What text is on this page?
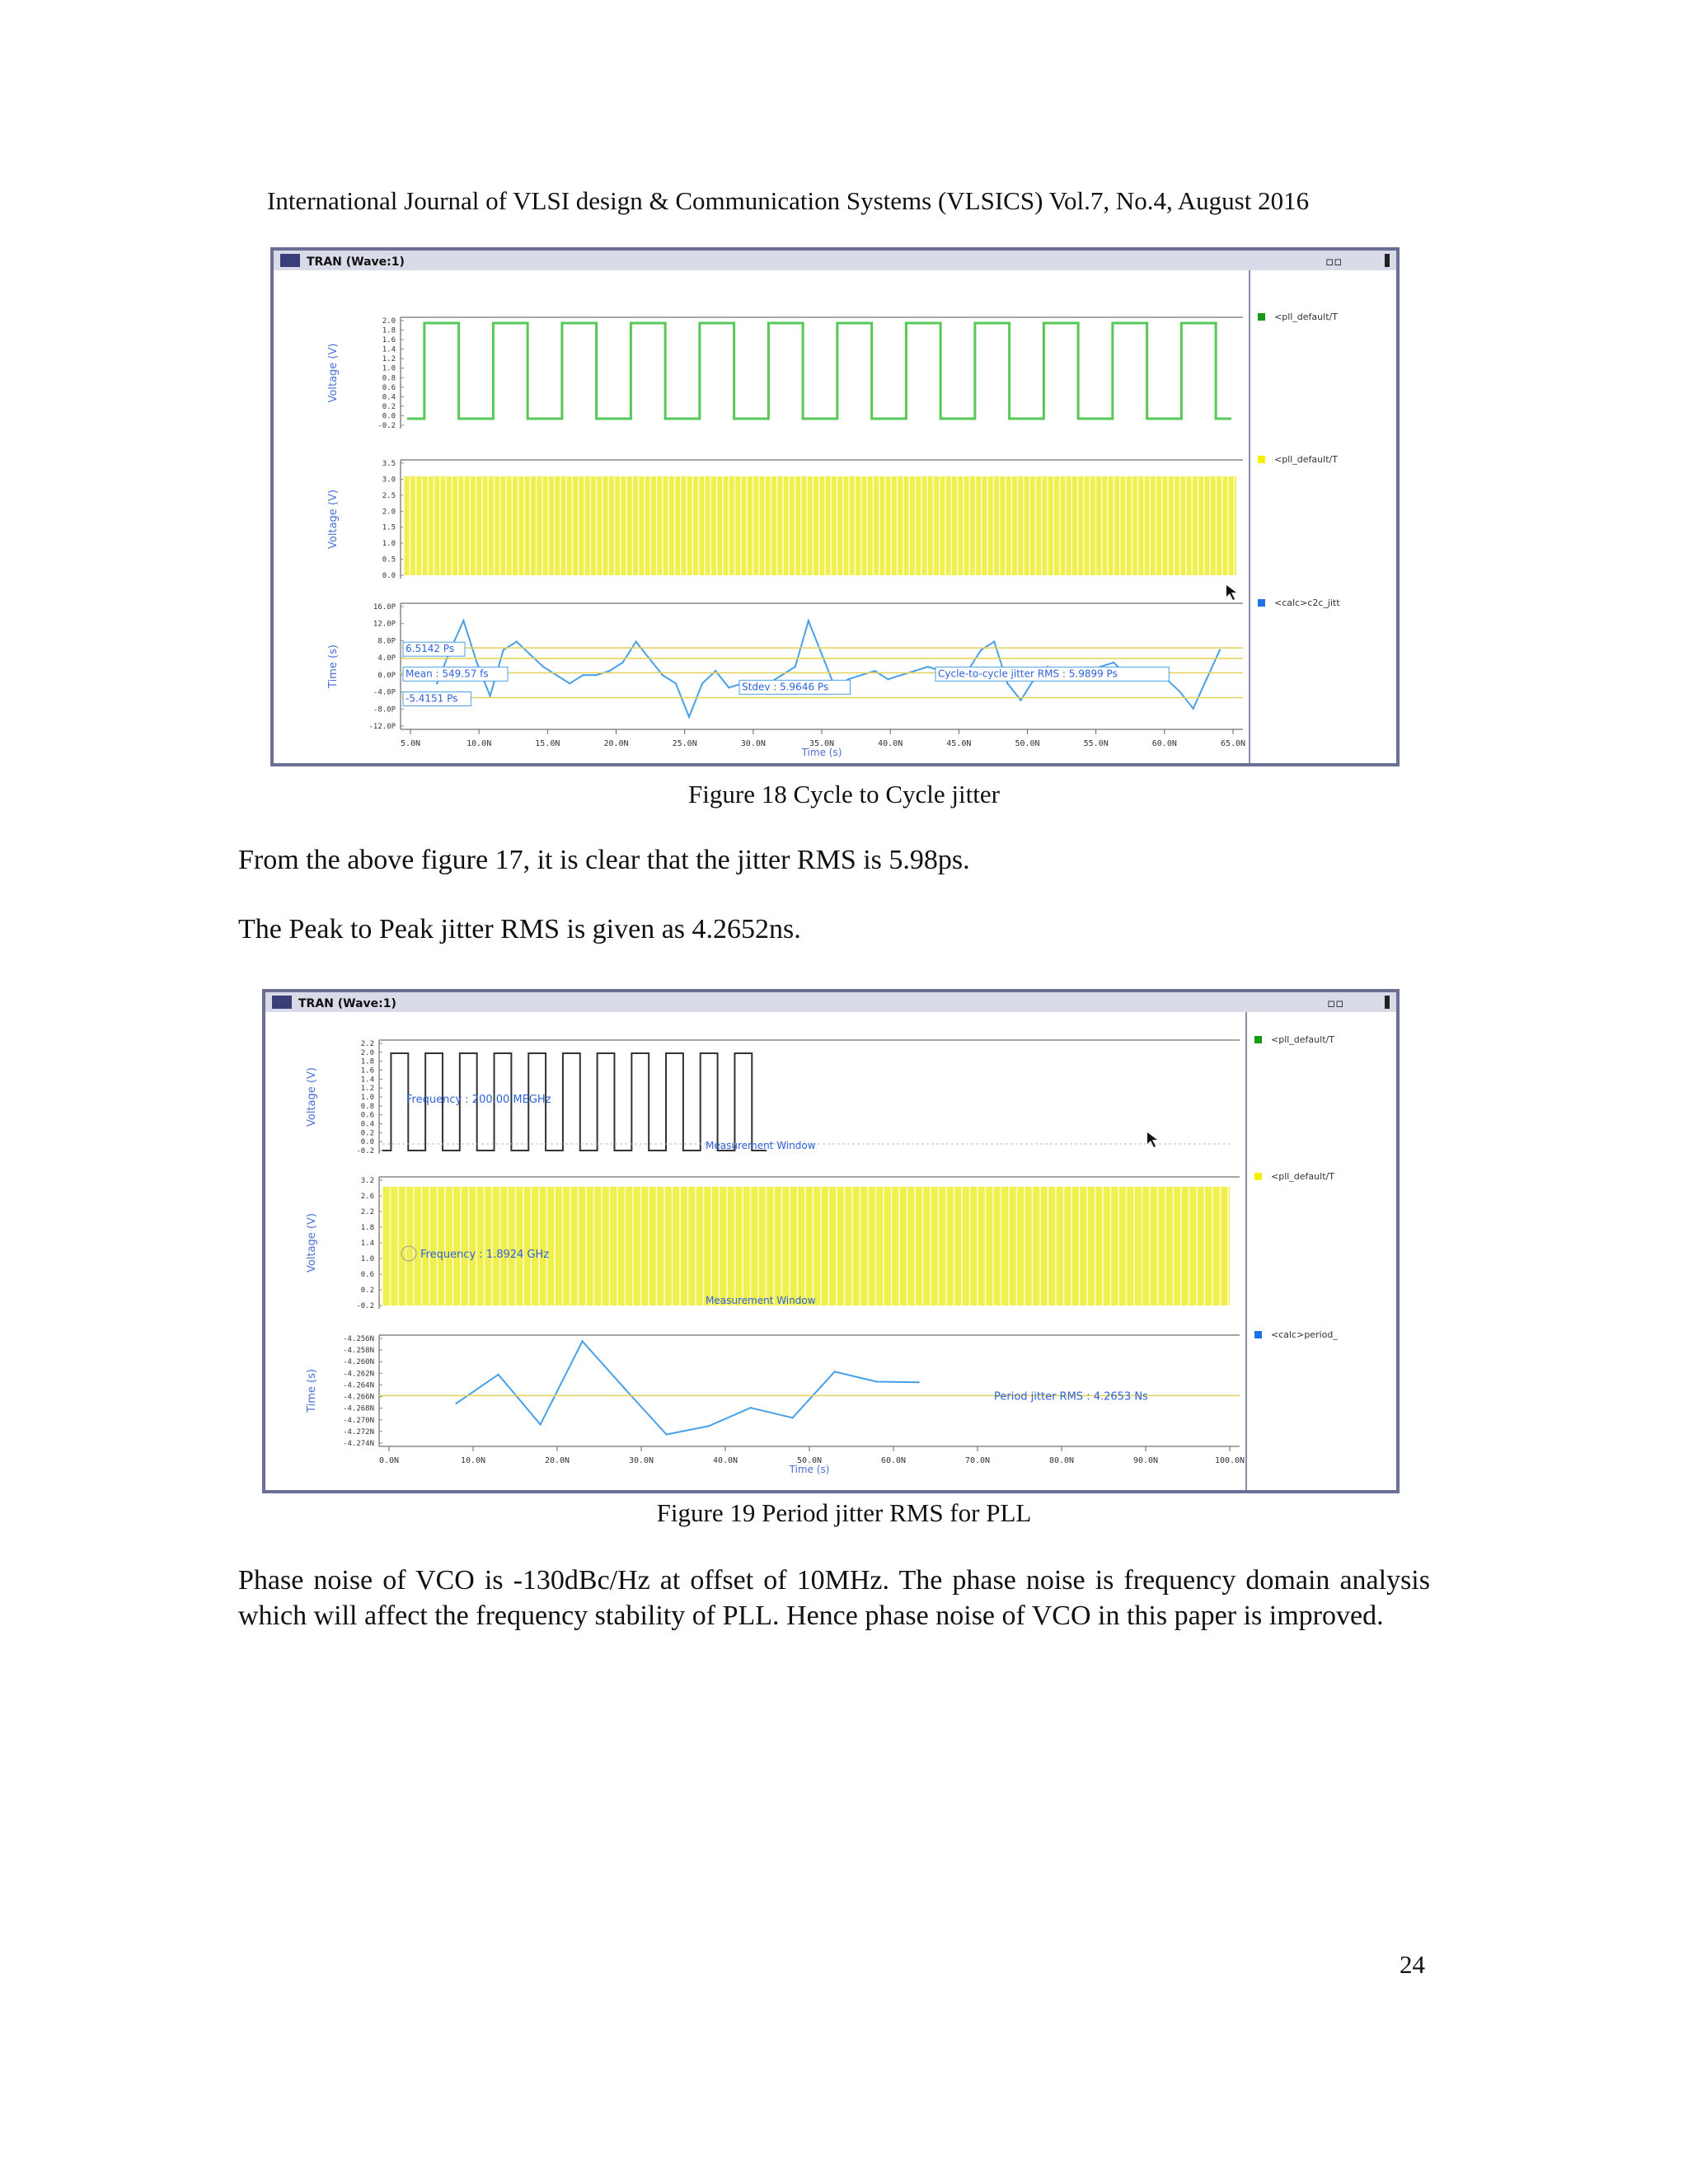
International Journal of VLSI design & Communication Systems (VLSICS) Vol.7, No.4, August 2016
TRAN (Wave:1)	▫▫
Voltage (V)
2.0
1.8
1.6
1.4
1.2
1.0
0.8
0.6
0.4
0.2
0.0
-0.2
<pll_default/T
Voltage (V)
3.5
3.0
2.5
2.0
1.5
1.0
0.5
0.0
<pll_default/T
Time (s)
16.0P
12.0P
8.0P
4.0P
0.0P
-4.0P
-8.0P
-12.0P
<calc>c2c_jitt
6.5142 Ps
Mean : 549.57 fs
-5.4151 Ps
Stdev : 5.9646 Ps
Cycle-to-cycle jitter RMS : 5.9899 Ps
5.0N	10.0N	15.0N	20.0N	25.0N	30.0N	35.0N	40.0N	45.0N	50.0N	55.0N	60.0N	65.0N
Time (s)
Figure 18 Cycle to Cycle jitter
From the above figure 17, it is clear that the jitter RMS is 5.98ps.
The Peak to Peak jitter RMS is given as 4.2652ns.
TRAN (Wave:1)	▫▫
Voltage (V)
2.2
2.0
1.8
1.6
1.4
1.2
1.0
0.8
0.6
0.4
0.2
0.0
-0.2
<pll_default/T
Frequency : 200.00 MEGHz
Measurement Window
Voltage (V)
3.2
2.6
2.2
1.8
1.4
1.0
0.6
0.2
-0.2
<pll_default/T
Frequency : 1.8924 GHz
Measurement Window
Time (s)
-4.256N
-4.258N
-4.260N
-4.262N
-4.264N
-4.266N
-4.268N
-4.270N
-4.272N
-4.274N
<calc>period_
Period jitter RMS : 4.2653 Ns
0.0N	10.0N	20.0N	30.0N	40.0N	50.0N	60.0N	70.0N	80.0N	90.0N	100.0N
Time (s)
Figure 19 Period jitter RMS for PLL
Phase noise of VCO is -130dBc/Hz at offset of 10MHz. The phase noise is frequency domain analysis which will affect the frequency stability of PLL. Hence phase noise of VCO in this paper is improved.
24
